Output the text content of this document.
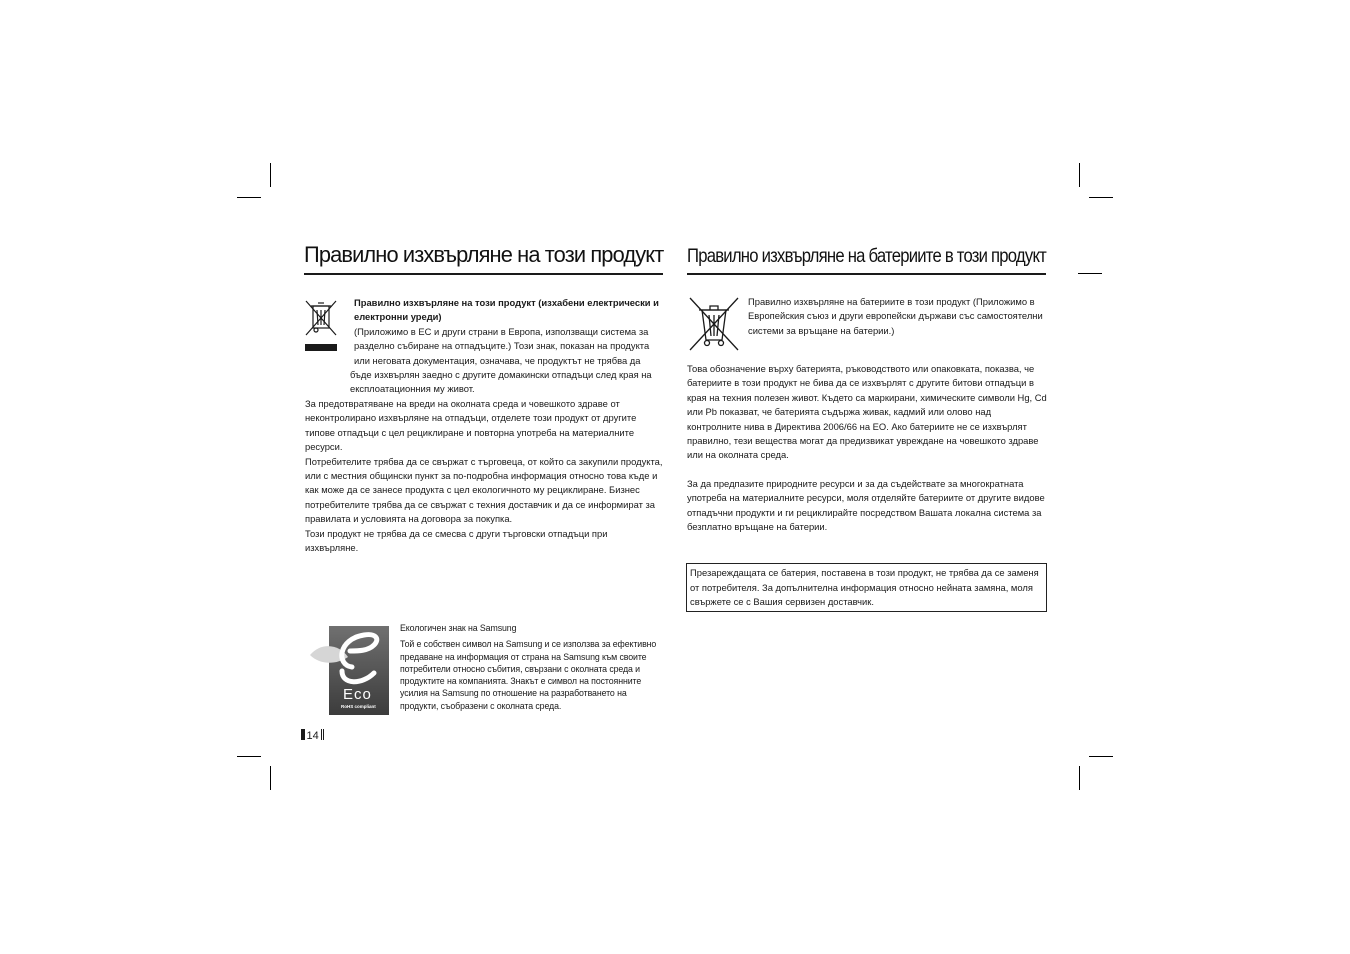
Правилно изхвърляне на този продукт

Правилно изхвърляне на този продукт (изхабени електрически и електронни уреди)

(Приложимо в ЕС и други страни в Европа, използващи система за

разделно събиране на отпадъците.) Този знак, показан на продукта

или неговата документация, означава, че продуктът не трябва да

бъде изхвърлян заедно с другите домакински отпадъци след края на

експлоатационния му живот.

За предотвратяване на вреди на околната среда и човешкото здраве от неконтролирано изхвърляне на отпадъци, отделете този продукт от другите типове отпадъци с цел рециклиране и повторна употреба на материалните ресурси.

Потребителите трябва да се свържат с търговеца, от който са закупили продукта, или с местния общински пункт за по-подробна информация относно това къде и как може да се занесе продукта с цел екологичното му рециклиране. Бизнес потребителите трябва да се свържат с техния доставчик и да се информират за правилата и условията на договора за покупка.

Този продукт не трябва да се смесва с други търговски отпадъци при изхвърляне.

Eco
RoHS compliant

Екологичен знак на Samsung

Той е собствен символ на Samsung и се използва за ефективно предаване на информация от страна на Samsung към своите потребители относно събития, свързани с околната среда и продуктите на компанията. Знакът е символ на постоянните усилия на Samsung по отношение на разработването на продукти, съобразени с околната среда.

14
Правилно изхвърляне на батериите в този продукт
Правилно изхвърляне на батериите в този продукт (Приложимо в Европейския съюз и други европейски държави със самостоятелни системи за връщане на батерии.)

Това обозначение върху батерията, ръководството или опаковката, показва, че батериите в този продукт не бива да се изхвърлят с другите битови отпадъци в края на техния полезен живот. Където са маркирани, химическите символи Hg, Cd или Pb показват, че батерията съдържа живак, кадмий или олово над контролните нива в Директива 2006/66 на ЕО. Ако батериите не се изхвърлят правилно, тези вещества могат да предизвикат увреждане на човешкото здраве или на околната среда.

За да предпазите природните ресурси и за да съдействате за многократната употреба на материалните ресурси, моля отделяйте батериите от другите видове отпадъчни продукти и ги рециклирайте посредством Вашата локална система за безплатно връщане на батерии.

Презареждащата се батерия, поставена в този продукт, не трябва да се заменя от потребителя. За допълнителна информация относно нейната замяна, моля свържете се с Вашия сервизен доставчик.
